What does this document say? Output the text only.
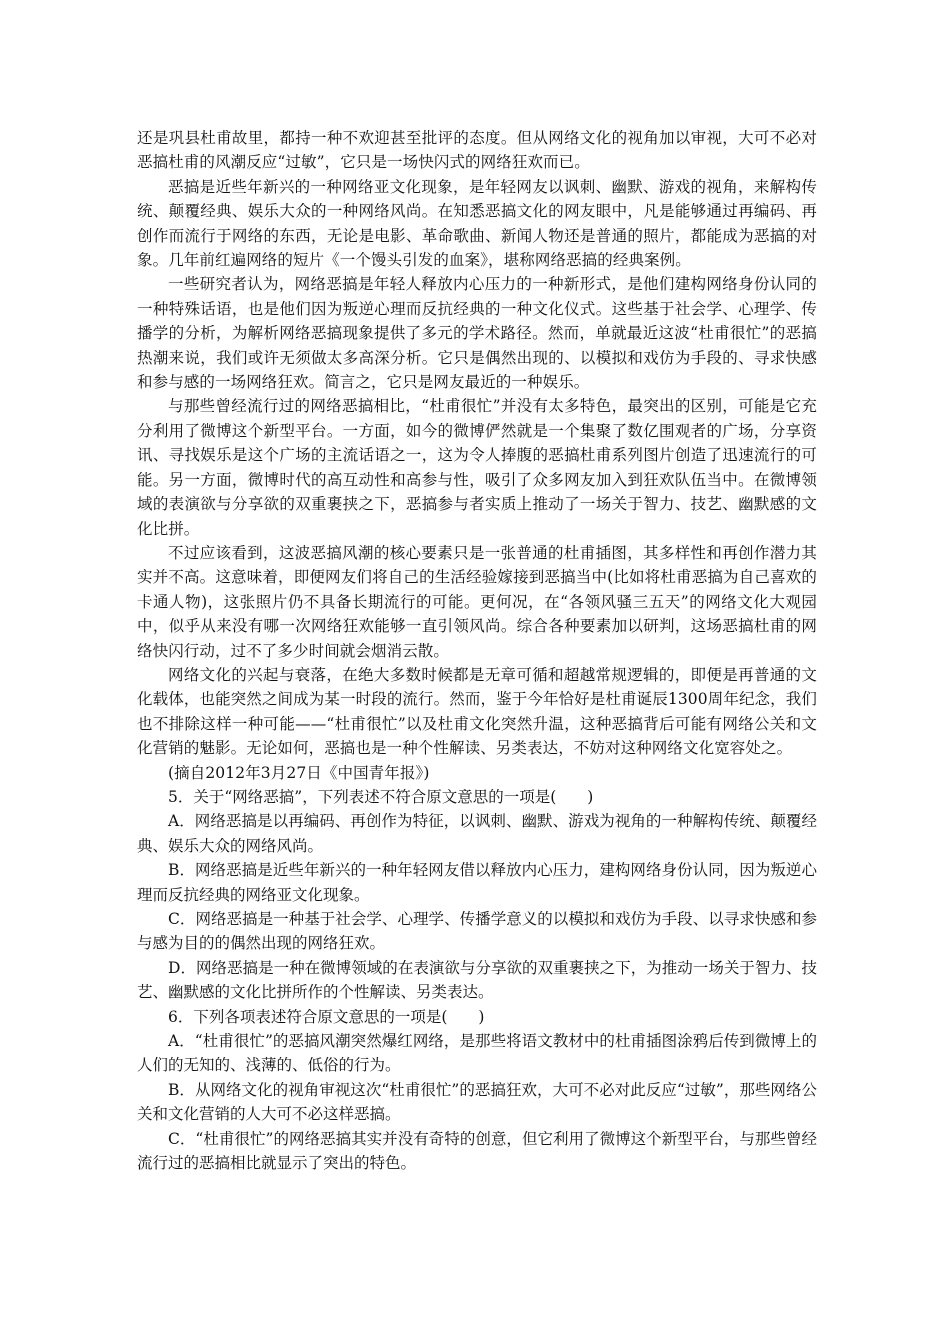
还是巩县杜甫故里，都持一种不欢迎甚至批评的态度。但从网络文化的视角加以审视，大可不必对恶搞杜甫的风潮反应“过敏”，它只是一场快闪式的网络狂欢而已。

恶搞是近些年新兴的一种网络亚文化现象，是年轻网友以讽刺、幽默、游戏的视角，来解构传统、颠覆经典、娱乐大众的一种网络风尚。在知悉恶搞文化的网友眼中，凡是能够通过再编码、再创作而流行于网络的东西，无论是电影、革命歌曲、新闻人物还是普通的照片，都能成为恶搞的对象。几年前红遍网络的短片《一个馒头引发的血案》，堪称网络恶搞的经典案例。

一些研究者认为，网络恶搞是年轻人释放内心压力的一种新形式，是他们建构网络身份认同的一种特殊话语，也是他们因为叛逆心理而反抗经典的一种文化仪式。这些基于社会学、心理学、传播学的分析，为解析网络恶搞现象提供了多元的学术路径。然而，单就最近这波“杜甫很忙”的恶搞热潮来说，我们或许无须做太多高深分析。它只是偶然出现的、以模拟和戏仿为手段的、寻求快感和参与感的一场网络狂欢。简言之，它只是网友最近的一种娱乐。

与那些曾经流行过的网络恶搞相比，“杜甫很忙”并没有太多特色，最突出的区别，可能是它充分利用了微博这个新型平台。一方面，如今的微博俨然就是一个集聚了数亿围观者的广场，分享资讯、寻找娱乐是这个广场的主流话语之一，这为令人捧腹的恶搞杜甫系列图片创造了迅速流行的可能。另一方面，微博时代的高互动性和高参与性，吸引了众多网友加入到狂欢队伍当中。在微博领域的表演欲与分享欲的双重裹挟之下，恶搞参与者实质上推动了一场关于智力、技艺、幽默感的文化比拼。

不过应该看到，这波恶搞风潮的核心要素只是一张普通的杜甫插图，其多样性和再创作潜力其实并不高。这意味着，即便网友们将自己的生活经验嫁接到恶搞当中(比如将杜甫恶搞为自己喜欢的卡通人物)，这张照片仍不具备长期流行的可能。更何况，在“各领风骚三五天”的网络文化大观园中，似乎从来没有哪一次网络狂欢能够一直引领风尚。综合各种要素加以研判，这场恶搞杜甫的网络快闪行动，过不了多少时间就会烟消云散。

网络文化的兴起与衰落，在绝大多数时候都是无章可循和超越常规逻辑的，即便是再普通的文化载体，也能突然之间成为某一时段的流行。然而，鉴于今年恰好是杜甫诞辰1300周年纪念，我们也不排除这样一种可能——“杜甫很忙”以及杜甫文化突然升温，这种恶搞背后可能有网络公关和文化营销的魅影。无论如何，恶搞也是一种个性解读、另类表达，不妨对这种网络文化宽容处之。

(摘自2012年3月27日《中国青年报》)

5．关于“网络恶搞”，下列表述不符合原文意思的一项是(　　)

A．网络恶搞是以再编码、再创作为特征，以讽刺、幽默、游戏为视角的一种解构传统、颠覆经典、娱乐大众的网络风尚。

B．网络恶搞是近些年新兴的一种年轻网友借以释放内心压力，建构网络身份认同，因为叛逆心理而反抗经典的网络亚文化现象。

C．网络恶搞是一种基于社会学、心理学、传播学意义的以模拟和戏仿为手段、以寻求快感和参与感为目的的偶然出现的网络狂欢。

D．网络恶搞是一种在微博领域的在表演欲与分享欲的双重裹挟之下，为推动一场关于智力、技艺、幽默感的文化比拼所作的个性解读、另类表达。

6．下列各项表述符合原文意思的一项是(　　)

A．“杜甫很忙”的恶搞风潮突然爆红网络，是那些将语文教材中的杜甫插图涂鸦后传到微博上的人们的无知的、浅薄的、低俗的行为。

B．从网络文化的视角审视这次“杜甫很忙”的恶搞狂欢，大可不必对此反应“过敏”，那些网络公关和文化营销的人大可不必这样恶搞。

C．“杜甫很忙”的网络恶搞其实并没有奇特的创意，但它利用了微博这个新型平台，与那些曾经流行过的恶搞相比就显示了突出的特色。
